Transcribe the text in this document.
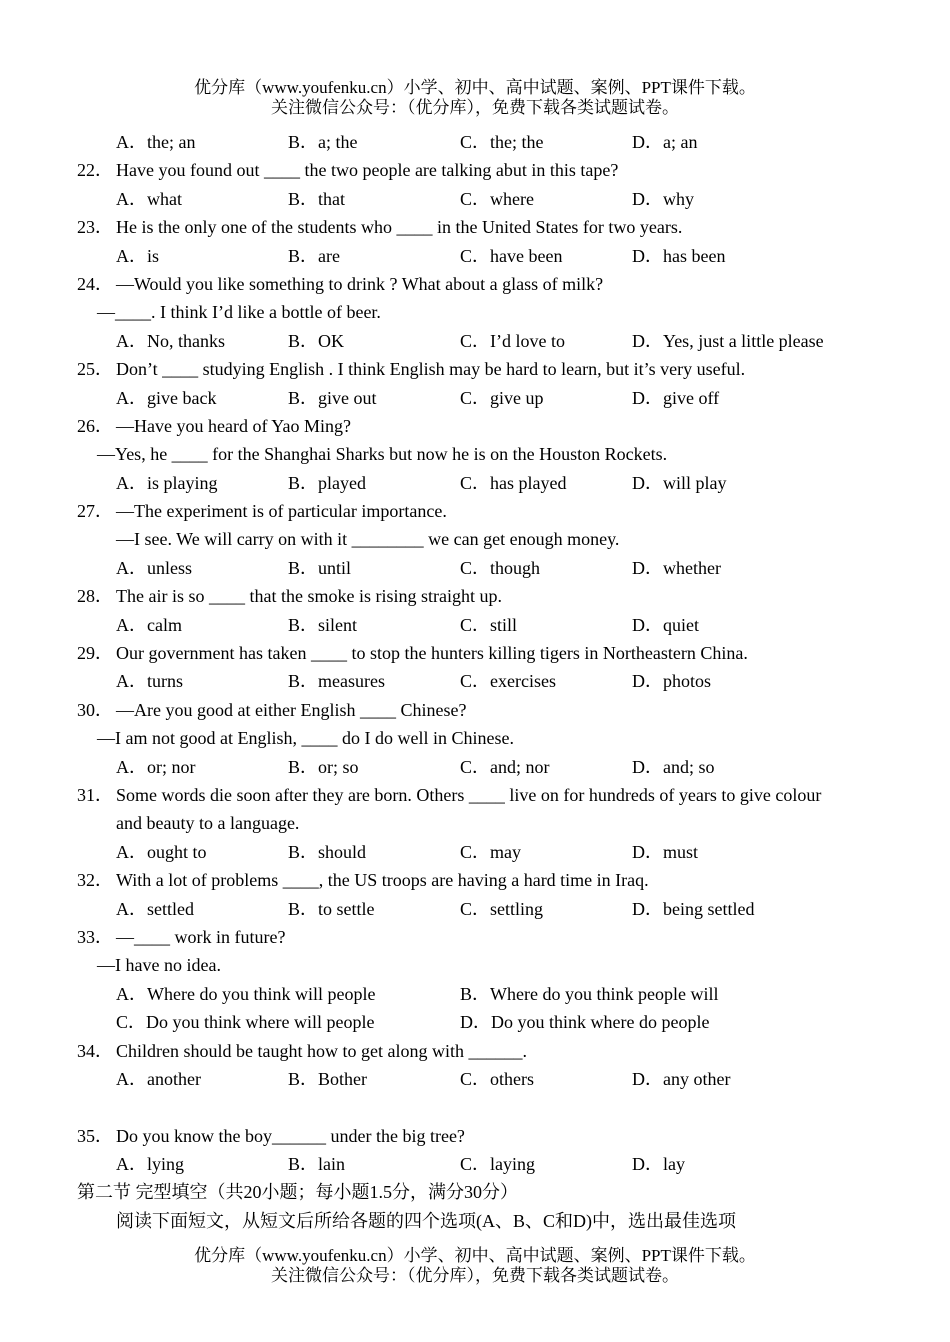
优分库（www.youfenku.cn）小学、初中、高中试题、案例、PPT课件下载。
关注微信公众号：（优分库），免费下载各类试题试卷。
A．the; an	B．a; the	C．the; the	D．a; an
22． Have you found out ____ the two people are talking abut in this tape?
A．what	B．that	C．where	D．why
23． He is the only one of the students who ____ in the United States for two years.
A．is	B．are	C．have been	D．has been
24． —Would you like something to drink ? What about a glass of milk?
—____. I think I’d like a bottle of beer.
A．No, thanks	B．OK	C．I’d love to	D．Yes, just a little please
25． Don’t ____ studying English . I think English may be hard to learn, but it’s very useful.
A．give back	B．give out	C．give up	D．give off
26． —Have you heard of Yao Ming?
—Yes, he ____ for the Shanghai Sharks but now he is on the Houston Rockets.
A．is playing	B．played	C．has played	D．will play
27． —The experiment is of particular importance.
—I see. We will carry on with it ________ we can get enough money.
A．unless	B．until	C．though	D．whether
28． The air is so ____ that the smoke is rising straight up.
A．calm	B．silent	C．still	D．quiet
29． Our government has taken ____ to stop the hunters killing tigers in Northeastern China.
A．turns	B．measures	C．exercises	D．photos
30． —Are you good at either English ____ Chinese?
—I am not good at English, ____ do I do well in Chinese.
A．or; nor	B．or; so	C．and; nor	D．and; so
31． Some words die soon after they are born. Others ____ live on for hundreds of years to give colour
and beauty to a language.
A．ought to	B．should	C．may	D．must
32． With a lot of problems ____, the US troops are having a hard time in Iraq.
A．settled	B．to settle	C．settling	D．being settled
33． —____ work in future?
—I have no idea.
A．Where do you think will people	B．Where do you think people will
C．Do you think where will people	D．Do you think where do people
34． Children should be taught how to get along with ______.
A．another	B．Bother	C．others	D．any other
35． Do you know the boy______ under the big tree?
A．lying	B．lain	C．laying	D．lay
第二节 完型填空（共20小题；每小题1.5分，满分30分）
阅读下面短文，从短文后所给各题的四个选项(A、B、C和D)中，选出最佳选项
优分库（www.youfenku.cn）小学、初中、高中试题、案例、PPT课件下载。
关注微信公众号：（优分库），免费下载各类试题试卷。
